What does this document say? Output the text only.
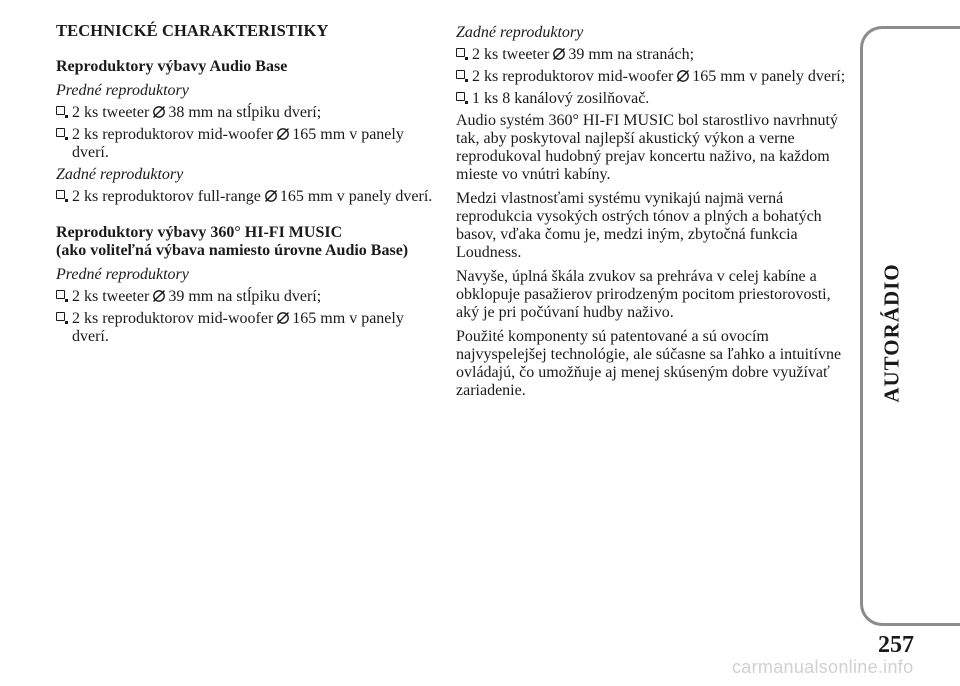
TECHNICKÉ CHARAKTERISTIKY
Reproduktory výbavy Audio Base
Predné reproduktory
2 ks tweeter 38 mm na stĺpiku dverí;
2 ks reproduktorov mid-woofer 165 mm v panely dverí.
Zadné reproduktory
2 ks reproduktorov full-range 165 mm v panely dverí.
Reproduktory výbavy 360° HI-FI MUSIC
(ako voliteľná výbava namiesto úrovne Audio Base)
Predné reproduktory
2 ks tweeter 39 mm na stĺpiku dverí;
2 ks reproduktorov mid-woofer 165 mm v panely dverí.
Zadné reproduktory
2 ks tweeter 39 mm na stranách;
2 ks reproduktorov mid-woofer 165 mm v panely dverí;
1 ks 8 kanálový zosilňovač.
Audio systém 360° HI-FI MUSIC bol starostlivo navrhnutý tak, aby poskytoval najlepší akustický výkon a verne reprodukoval hudobný prejav koncertu naživo, na každom mieste vo vnútri kabíny.
Medzi vlastnosťami systému vynikajú najmä verná reprodukcia vysokých ostrých tónov a plných a bohatých basov, vďaka čomu je, medzi iným, zbytočná funkcia Loudness.
Navyše, úplná škála zvukov sa prehráva v celej kabíne a obklopuje pasažierov prirodzeným pocitom priestorovosti, aký je pri počúvaní hudby naživo.
Použité komponenty sú patentované a sú ovocím najvyspelejšej technológie, ale súčasne sa ľahko a intuitívne ovládajú, čo umožňuje aj menej skúseným dobre využívať zariadenie.	AUTORÁDIO
257
carmanualsonline.info
